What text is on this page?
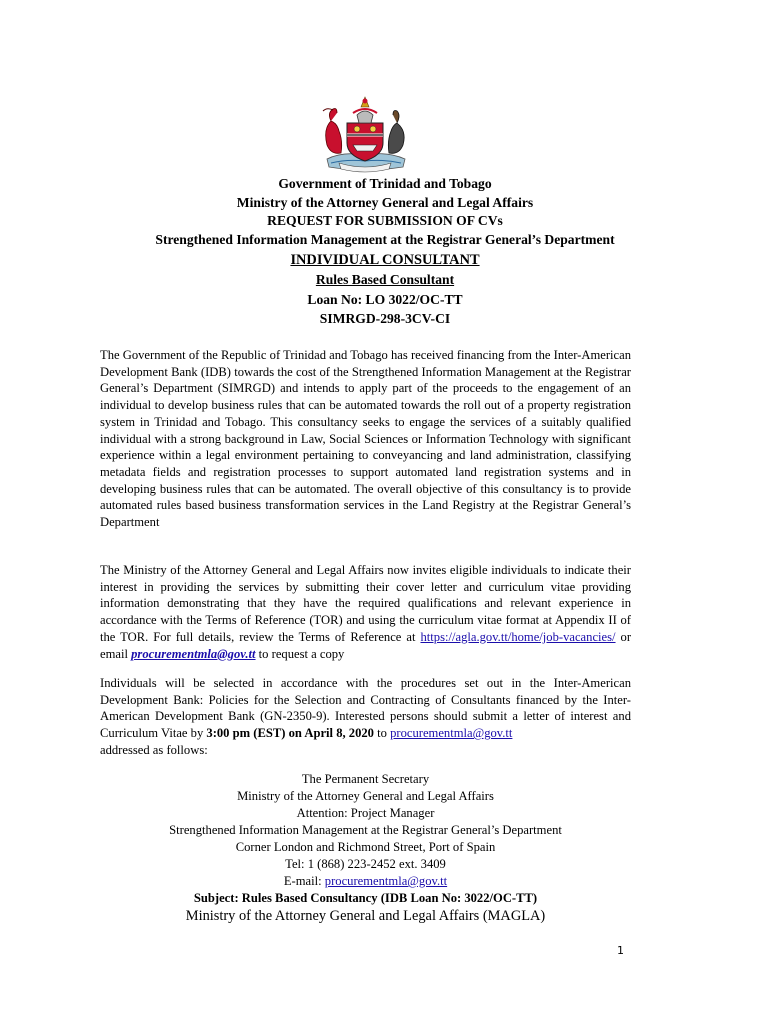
Government of Trinidad and Tobago
Ministry of the Attorney General and Legal Affairs
REQUEST FOR SUBMISSION OF CVs
Strengthened Information Management at the Registrar General’s Department
INDIVIDUAL CONSULTANT
Rules Based Consultant
Loan No: LO 3022/OC-TT
SIMRGD-298-3CV-CI
The Government of the Republic of Trinidad and Tobago has received financing from the Inter-American Development Bank (IDB) towards the cost of the Strengthened Information Management at the Registrar General’s Department (SIMRGD) and intends to apply part of the proceeds to the engagement of an individual to develop business rules that can be automated towards the roll out of a property registration system in Trinidad and Tobago. This consultancy seeks to engage the services of a suitably qualified individual with a strong background in Law, Social Sciences or Information Technology with significant experience within a legal environment pertaining to conveyancing and land administration, classifying metadata fields and registration processes to support automated land registration systems and in developing business rules that can be automated. The overall objective of this consultancy is to provide automated rules based business transformation services in the Land Registry at the Registrar General’s Department
The Ministry of the Attorney General and Legal Affairs now invites eligible individuals to indicate their interest in providing the services by submitting their cover letter and curriculum vitae providing information demonstrating that they have the required qualifications and relevant experience in accordance with the Terms of Reference (TOR) and using the curriculum vitae format at Appendix II of the TOR. For full details, review the Terms of Reference at https://agla.gov.tt/home/job-vacancies/ or email procurementmla@gov.tt to request a copy
Individuals will be selected in accordance with the procedures set out in the Inter-American Development Bank: Policies for the Selection and Contracting of Consultants financed by the Inter-American Development Bank (GN-2350-9). Interested persons should submit a letter of interest and Curriculum Vitae by 3:00 pm (EST) on April 8, 2020 to procurementmla@gov.tt
addressed as follows:
The Permanent Secretary
Ministry of the Attorney General and Legal Affairs
Attention: Project Manager
Strengthened Information Management at the Registrar General’s Department
Corner London and Richmond Street, Port of Spain
Tel: 1 (868) 223-2452 ext. 3409
E-mail: procurementmla@gov.tt
Subject: Rules Based Consultancy (IDB Loan No: 3022/OC-TT)
Ministry of the Attorney General and Legal Affairs (MAGLA)
1
